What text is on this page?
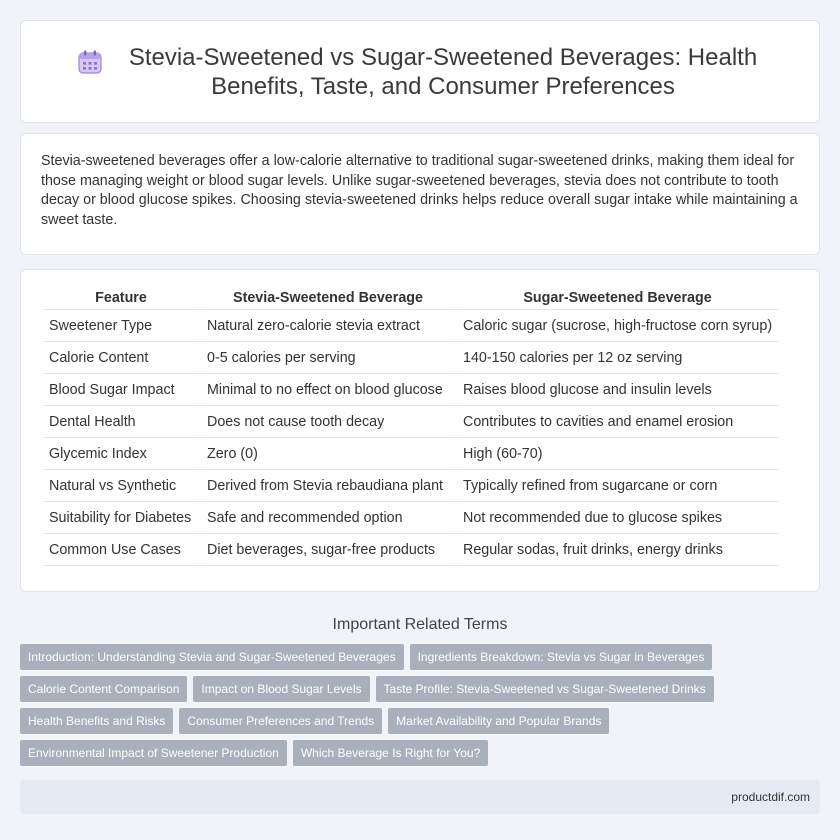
Stevia-Sweetened vs Sugar-Sweetened Beverages: Health Benefits, Taste, and Consumer Preferences

Stevia-sweetened beverages offer a low-calorie alternative to traditional sugar-sweetened drinks, making them ideal for those managing weight or blood sugar levels. Unlike sugar-sweetened beverages, stevia does not contribute to tooth decay or blood glucose spikes. Choosing stevia-sweetened drinks helps reduce overall sugar intake while maintaining a sweet taste.

Feature	Stevia-Sweetened Beverage	Sugar-Sweetened Beverage
Sweetener Type	Natural zero-calorie stevia extract	Caloric sugar (sucrose, high-fructose corn syrup)
Calorie Content	0-5 calories per serving	140-150 calories per 12 oz serving
Blood Sugar Impact	Minimal to no effect on blood glucose	Raises blood glucose and insulin levels
Dental Health	Does not cause tooth decay	Contributes to cavities and enamel erosion
Glycemic Index	Zero (0)	High (60-70)
Natural vs Synthetic	Derived from Stevia rebaudiana plant	Typically refined from sugarcane or corn
Suitability for Diabetes	Safe and recommended option	Not recommended due to glucose spikes
Common Use Cases	Diet beverages, sugar-free products	Regular sodas, fruit drinks, energy drinks
Important Related Terms
Introduction: Understanding Stevia and Sugar-Sweetened Beverages	Ingredients Breakdown: Stevia vs Sugar in Beverages
Calorie Content Comparison	Impact on Blood Sugar Levels	Taste Profile: Stevia-Sweetened vs Sugar-Sweetened Drinks
Health Benefits and Risks	Consumer Preferences and Trends	Market Availability and Popular Brands
Environmental Impact of Sweetener Production	Which Beverage Is Right for You?
productdif.com
